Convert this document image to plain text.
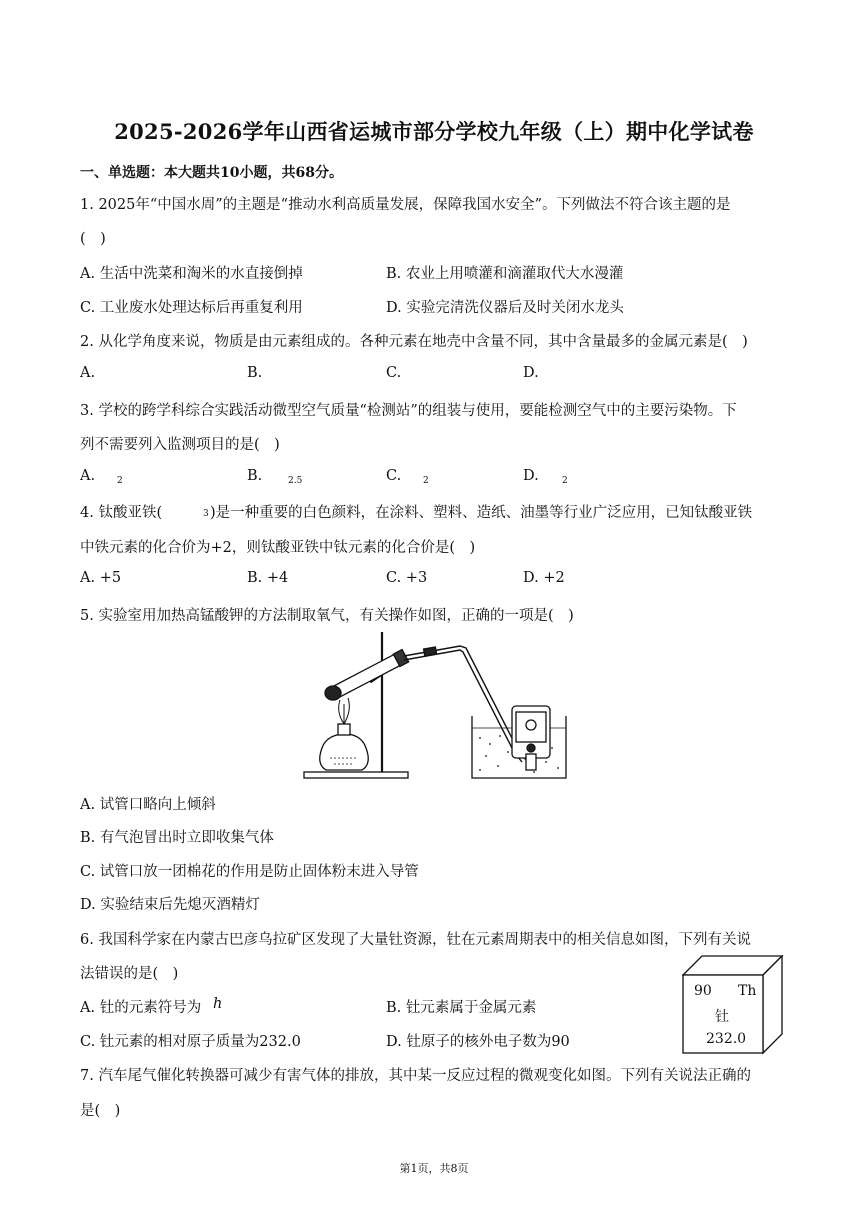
2025-2026学年山西省运城市部分学校九年级（上）期中化学试卷
一、单选题：本大题共10小题，共68分。
1. 2025年“中国水周”的主题是“推动水利高质量发展，保障我国水安全”。下列做法不符合该主题的是
(　)
A. 生活中洗菜和淘米的水直接倒掉	B. 农业上用喷灌和滴灌取代大水漫灌
C. 工业废水处理达标后再重复利用	D. 实验完清洗仪器后及时关闭水龙头
2. 从化学角度来说，物质是由元素组成的。各种元素在地壳中含量不同，其中含量最多的金属元素是(　)
A.	B.	C.	D.
3. 学校的跨学科综合实践活动微型空气质量“检测站”的组装与使用，要能检测空气中的主要污染物。下
列不需要列入监测项目的是(　)
A. 2	B.	2.5	C. 2	D.	2
4. 钛酸亚铁(	3 )是一种重要的白色颜料，在涂料、塑料、造纸、油墨等行业广泛应用，已知钛酸亚铁
中铁元素的化合价为+2，则钛酸亚铁中钛元素的化合价是(　)
A. +5	B. +4	C. +3	D. +2
5. 实验室用加热高锰酸钾的方法制取氧气，有关操作如图，正确的一项是(　)
A. 试管口略向上倾斜
B. 有气泡冒出时立即收集气体
C. 试管口放一团棉花的作用是防止固体粉末进入导管
D. 实验结束后先熄灭酒精灯
6. 我国科学家在内蒙古巴彦乌拉矿区发现了大量钍资源，钍在元素周期表中的相关信息如图，下列有关说
法错误的是(　)
A. 钍的元素符号为 h	B. 钍元素属于金属元素
C. 钍元素的相对原子质量为232.0	D. 钍原子的核外电子数为90
90 Th
钍
232.0
7. 汽车尾气催化转换器可减少有害气体的排放，其中某一反应过程的微观变化如图。下列有关说法正确的
是(　)
第1页，共8页
